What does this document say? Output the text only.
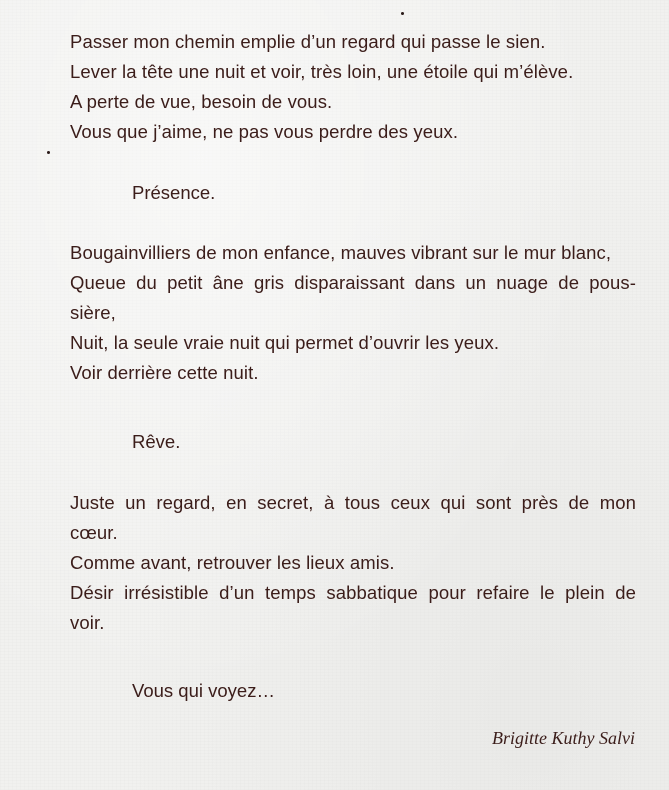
Passer mon chemin emplie d’un regard qui passe le sien.
Lever la tête une nuit et voir, très loin, une étoile qui m’élève.
A perte de vue, besoin de vous.
Vous que j’aime, ne pas vous perdre des yeux.
Présence.
Bougainvilliers de mon enfance, mauves vibrant sur le mur blanc,
Queue du petit âne gris disparaissant dans un nuage de pous-
sière,
Nuit, la seule vraie nuit qui permet d’ouvrir les yeux.
Voir derrière cette nuit.
Rêve.
Juste un regard, en secret, à tous ceux qui sont près de mon
cœur.
Comme avant, retrouver les lieux amis.
Désir irrésistible d’un temps sabbatique pour refaire le plein de
voir.
Vous qui voyez…
Brigitte Kuthy Salvi
